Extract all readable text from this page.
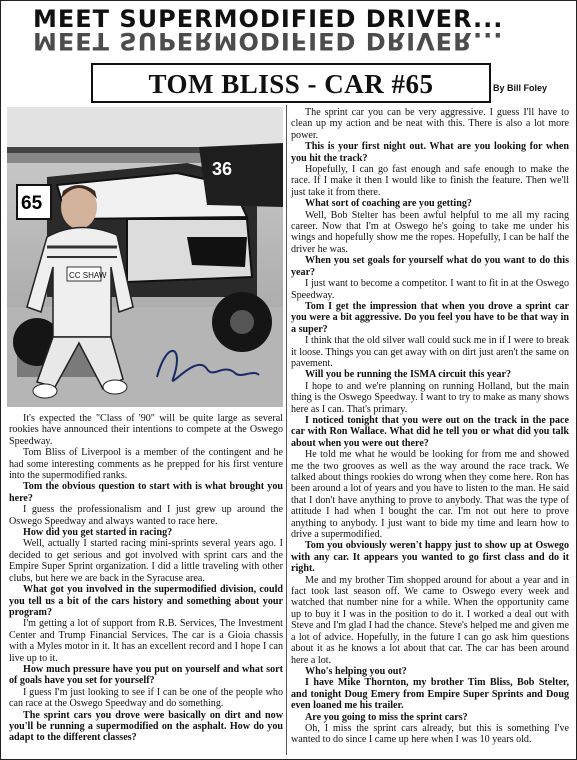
MEET SUPERMODIFIED DRIVER...
MEET SUPERMODIFIED DRIVER...
TOM BLISS - CAR #65	By Bill Foley
65
36
CC SHAW

It's expected the "Class of '90" will be quite large as several rookies have announced their intentions to compete at the Oswego Speedway.

Tom Bliss of Liverpool is a member of the contingent and he had some interesting comments as he prepped for his first venture into the supermodified ranks.

Tom the obvious question to start with is what brought you here?

I guess the professionalism and I just grew up around the Oswego Speedway and always wanted to race here.

How did you get started in racing?

Well, actually I started racing mini-sprints several years ago. I decided to get serious and got involved with sprint cars and the Empire Super Sprint organization. I did a little traveling with other clubs, but here we are back in the Syracuse area.

What got you involved in the supermodified division, could you tell us a bit of the cars history and something about your program?

I'm getting a lot of support from R.B. Services, The Investment Center and Trump Financial Services. The car is a Gioia chassis with a Myles motor in it. It has an excellent record and I hope I can live up to it.

How much pressure have you put on yourself and what sort of goals have you set for yourself?

I guess I'm just looking to see if I can be one of the people who can race at the Oswego Speedway and do something.

The sprint cars you drove were basically on dirt and now you'll be running a supermodified on the asphalt. How do you adapt to the different classes?

The sprint car you can be very aggressive. I guess I'll have to clean up my action and be neat with this. There is also a lot more power.

This is your first night out. What are you looking for when you hit the track?

Hopefully, I can go fast enough and safe enough to make the race. If I make it then I would like to finish the feature. Then we'll just take it from there.

What sort of coaching are you getting?

Well, Bob Stelter has been awful helpful to me all my racing career. Now that I'm at Oswego he's going to take me under his wings and hopefully show me the ropes. Hopefully, I can be half the driver he was.

When you set goals for yourself what do you want to do this year?

I just want to become a competitor. I want to fit in at the Oswego Speedway.

Tom I get the impression that when you drove a sprint car you were a bit aggressive. Do you feel you have to be that way in a super?

I think that the old silver wall could suck me in if I were to break it loose. Things you can get away with on dirt just aren't the same on pavement.

Will you be running the ISMA circuit this year?

I hope to and we're planning on running Holland, but the main thing is the Oswego Speedway. I want to try to make as many shows here as I can. That's primary.

I noticed tonight that you were out on the track in the pace car with Ron Wallace. What did he tell you or what did you talk about when you were out there?

He told me what he would be looking for from me and showed me the two grooves as well as the way around the race track. We talked about things rookies do wrong when they come here. Ron has been around a lot of years and you have to listen to the man. He said that I don't have anything to prove to anybody. That was the type of attitude I had when I bought the car. I'm not out here to prove anything to anybody. I just want to bide my time and learn how to drive a supermodified.

Tom you obviously weren't happy just to show up at Oswego with any car. It appears you wanted to go first class and do it right.

Me and my brother Tim shopped around for about a year and in fact took last season off. We came to Oswego every week and watched that number nine for a while. When the opportunity came up to buy it I was in the position to do it. I worked a deal out with Steve and I'm glad I had the chance. Steve's helped me and given me a lot of advice. Hopefully, in the future I can go ask him questions about it as he knows a lot about that car. The car has been around here a lot.

Who's helping you out?

I have Mike Thornton, my brother Tim Bliss, Bob Stelter, and tonight Doug Emery from Empire Super Sprints and Doug even loaned me his trailer.

Are you going to miss the sprint cars?

Oh, I miss the sprint cars already, but this is something I've wanted to do since I came up here when I was 10 years old.
